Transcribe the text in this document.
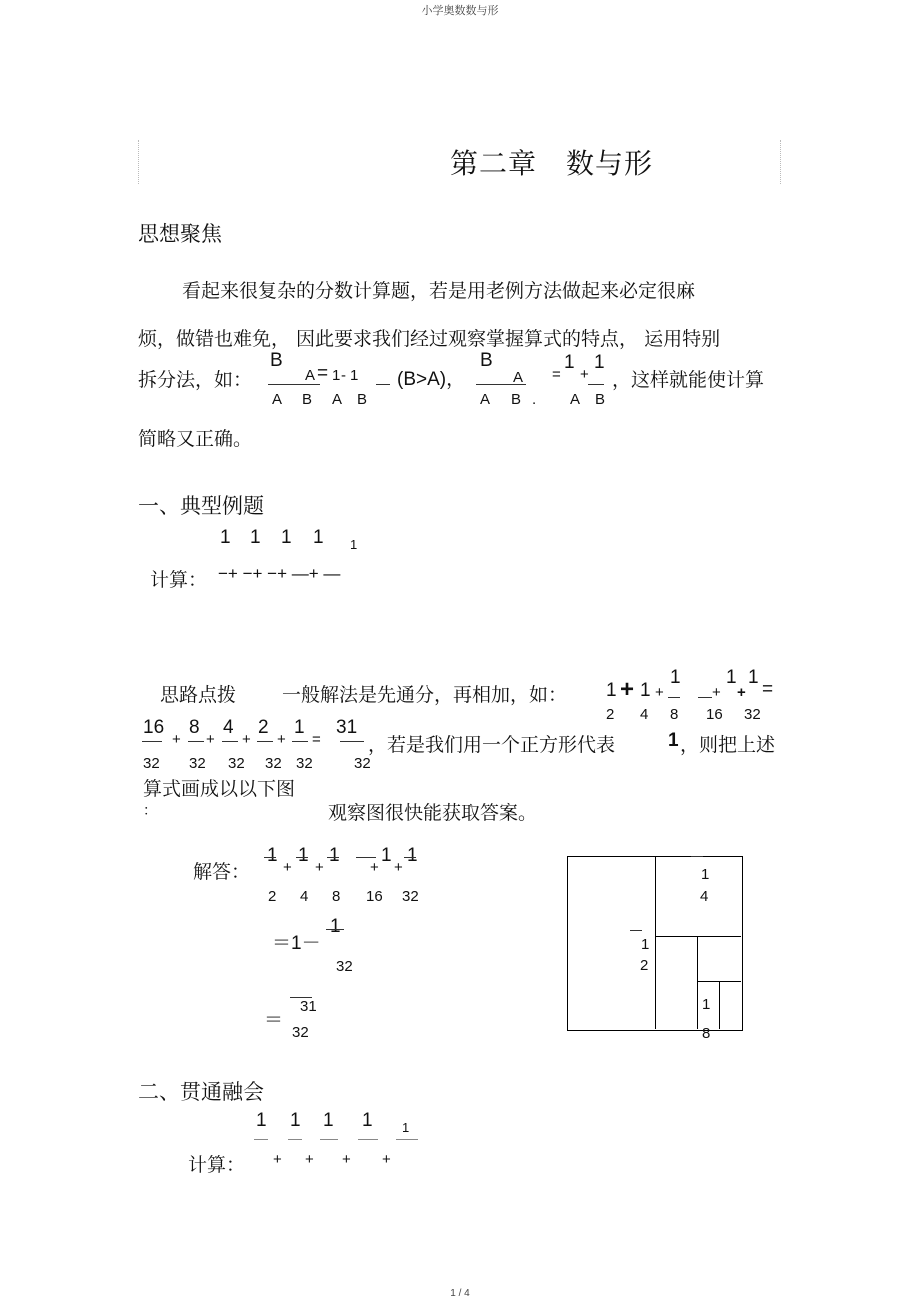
小学奥数数与形
1 / 4
第二章　数与形
思想聚焦
看起来很复杂的分数计算题，若是用老例方法做起来必定很麻
烦，做错也难免， 因此要求我们经过观察掌握算式的特点， 运用特别
拆分法，如：
B
A = 1 - 1 (B>A)，
A B A B
B
A =
1
+
1
A B . A B
，这样就能使计算
简略又正确。
一、典型例题
1 1 1 1 1
计算： −+ −+ −+ —+ —
思路点拨 一般解法是先通分，再相加，如： 1 + 1 +
1
+
1
+
1
=
2 4 8 16 32
16
+
8
+
4
+
2
+
1
=
31
32 32 32 32 32	32
，若是我们用一个正方形代表	1 ，则把上述
算式画成以以下图
：	观察图很快能获取答案。
解答：
1
+
1
+
1
+
1
+
1
2 4 8 16 32
＝1－
1
32
＝
31
32
1
4
1
2
1
8
二、贯通融会
1 1 1 1 1
计算： + + + +
